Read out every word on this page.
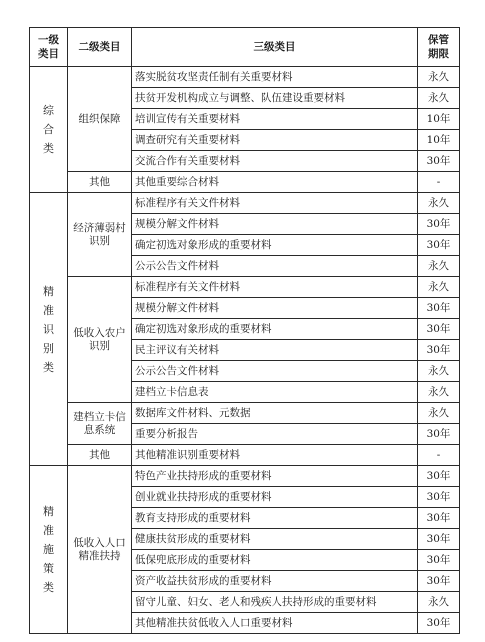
一级类目	二级类目	三级类目	保管期限
综合类	组织保障	落实脱贫攻坚责任制有关重要材料	永久
		扶贫开发机构成立与调整、队伍建设重要材料	永久
		培训宣传有关重要材料	10年
		调查研究有关重要材料	10年
		交流合作有关重要材料	30年
	其他	其他重要综合材料	-
精准识别类	经济薄弱村识别	标准程序有关文件材料	永久
		规模分解文件材料	30年
		确定初选对象形成的重要材料	30年
		公示公告文件材料	永久
	低收入农户识别	标准程序有关文件材料	永久
		规模分解文件材料	30年
		确定初选对象形成的重要材料	30年
		民主评议有关材料	30年
		公示公告文件材料	永久
		建档立卡信息表	永久
	建档立卡信息系统	数据库文件材料、元数据	永久
		重要分析报告	30年
	其他	其他精准识别重要材料	-
精准施策类	低收入人口精准扶持	特色产业扶持形成的重要材料	30年
		创业就业扶持形成的重要材料	30年
		教育支持形成的重要材料	30年
		健康扶贫形成的重要材料	30年
		低保兜底形成的重要材料	30年
		资产收益扶贫形成的重要材料	30年
		留守儿童、妇女、老人和残疾人扶持形成的重要材料	永久
		其他精准扶贫低收入人口重要材料	30年
